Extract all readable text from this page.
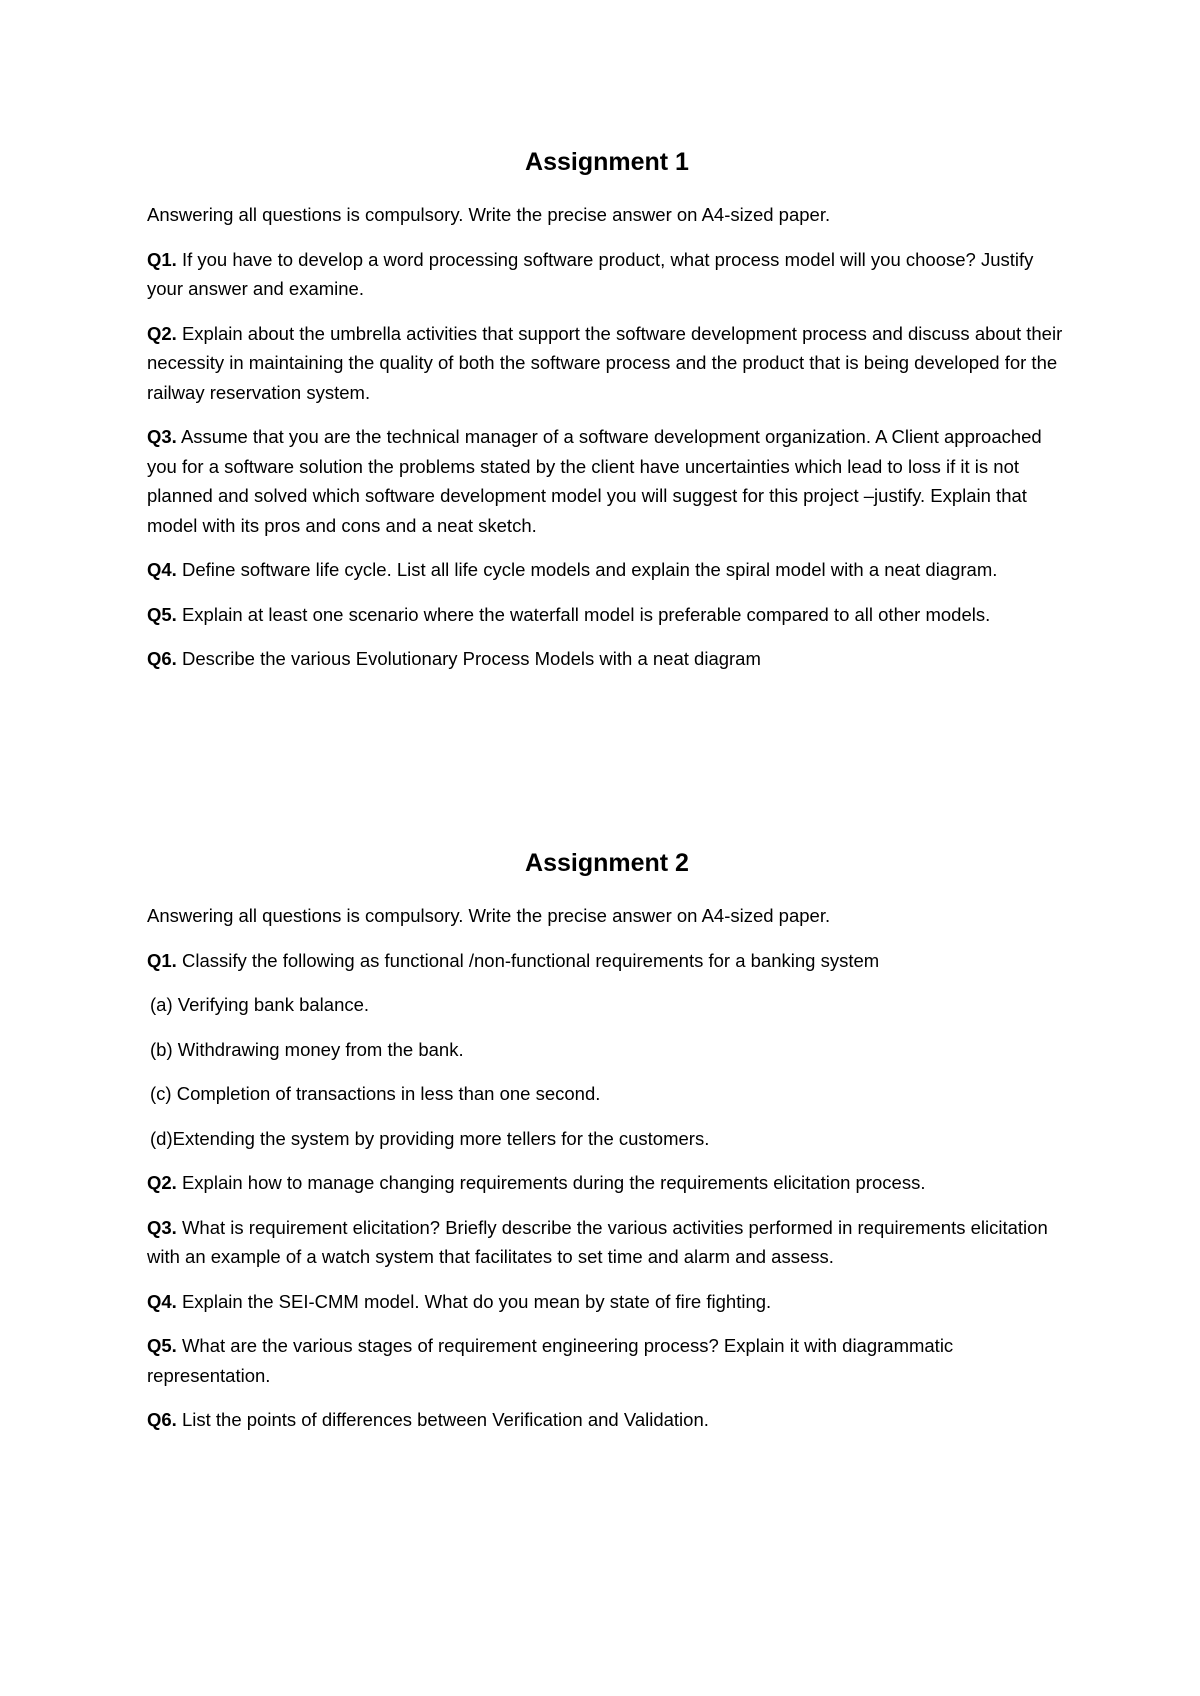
Assignment 1

Answering all questions is compulsory. Write the precise answer on A4-sized paper.

Q1. If you have to develop a word processing software product, what process model will you choose? Justify your answer and examine.

Q2. Explain about the umbrella activities that support the software development process and discuss about their necessity in maintaining the quality of both the software process and the product that is being developed for the railway reservation system.

Q3. Assume that you are the technical manager of a software development organization. A Client approached you for a software solution the problems stated by the client have uncertainties which lead to loss if it is not planned and solved which software development model you will suggest for this project –justify. Explain that model with its pros and cons and a neat sketch.

Q4. Define software life cycle. List all life cycle models and explain the spiral model with a neat diagram.

Q5. Explain at least one scenario where the waterfall model is preferable compared to all other models.

Q6. Describe the various Evolutionary Process Models with a neat diagram

Assignment 2

Answering all questions is compulsory. Write the precise answer on A4-sized paper.

Q1. Classify the following as functional /non-functional requirements for a banking system

(a) Verifying bank balance.

(b) Withdrawing money from the bank.

(c) Completion of transactions in less than one second.

(d)Extending the system by providing more tellers for the customers.

Q2. Explain how to manage changing requirements during the requirements elicitation process.

Q3. What is requirement elicitation? Briefly describe the various activities performed in requirements elicitation with an example of a watch system that facilitates to set time and alarm and assess.

Q4. Explain the SEI-CMM model. What do you mean by state of fire fighting.

Q5. What are the various stages of requirement engineering process? Explain it with diagrammatic representation.

Q6. List the points of differences between Verification and Validation.
